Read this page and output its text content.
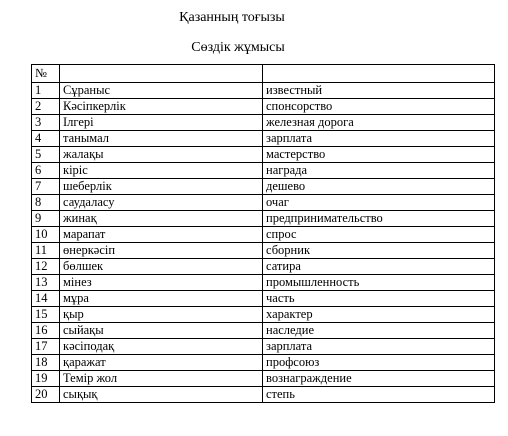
Қазанның тоғызы
Сөздік жұмысы
№		
1	Сұраныс	известный
2	Кәсіпкерлік	спонсорство
3	Ілгері	железная дорога
4	танымал	зарплата
5	жалақы	мастерство
6	кіріс	награда
7	шеберлік	дешево
8	саудаласу	очаг
9	жинақ	предпринимательство
10	марапат	спрос
11	өнеркәсіп	сборник
12	бөлшек	сатира
13	мінез	промышленность
14	мұра	часть
15	қыр	характер
16	сыйақы	наследие
17	кәсіподақ	зарплата
18	қаражат	профсоюз
19	Темір жол	вознаграждение
20	сықық	степь
